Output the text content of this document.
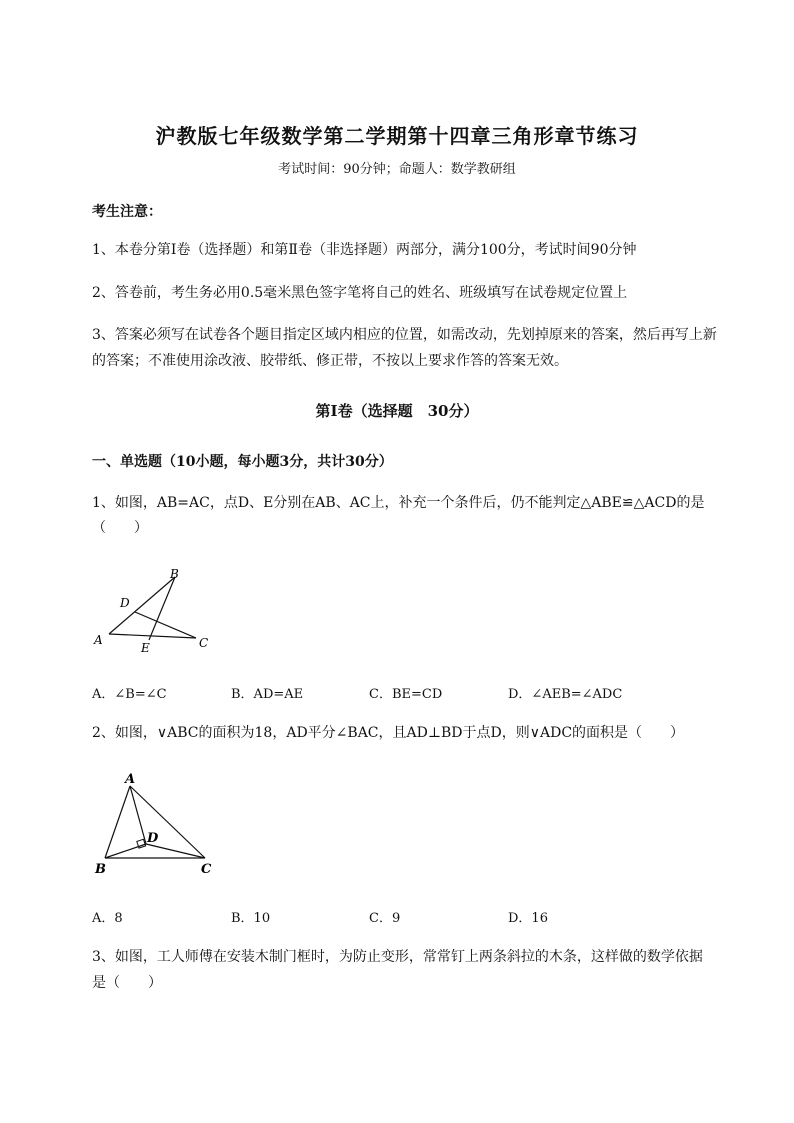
沪教版七年级数学第二学期第十四章三角形章节练习
考试时间：90分钟；命题人：数学教研组
考生注意：
1、本卷分第I卷（选择题）和第Ⅱ卷（非选择题）两部分，满分100分，考试时间90分钟
2、答卷前，考生务必用0.5毫米黑色签字笔将自己的姓名、班级填写在试卷规定位置上
3、答案必须写在试卷各个题目指定区域内相应的位置，如需改动，先划掉原来的答案，然后再写上新
的答案；不准使用涂改液、胶带纸、修正带，不按以上要求作答的答案无效。
第I卷（选择题　30分）
一、单选题（10小题，每小题3分，共计30分）
1、如图，AB=AC，点D、E分别在AB、AC上，补充一个条件后，仍不能判定△ABE≌△ACD的是
（　　）
B
D
A
E	C
A．∠B=∠C	B．AD=AE	C．BE=CD	D．∠AEB=∠ADC
2、如图，∨ABC的面积为18，AD平分∠BAC，且AD⊥BD于点D，则∨ADC的面积是（　　）
A
D
B	C
A．8	B．10	C．9	D．16
3、如图，工人师傅在安装木制门框时，为防止变形，常常钉上两条斜拉的木条，这样做的数学依据
是（　　）
